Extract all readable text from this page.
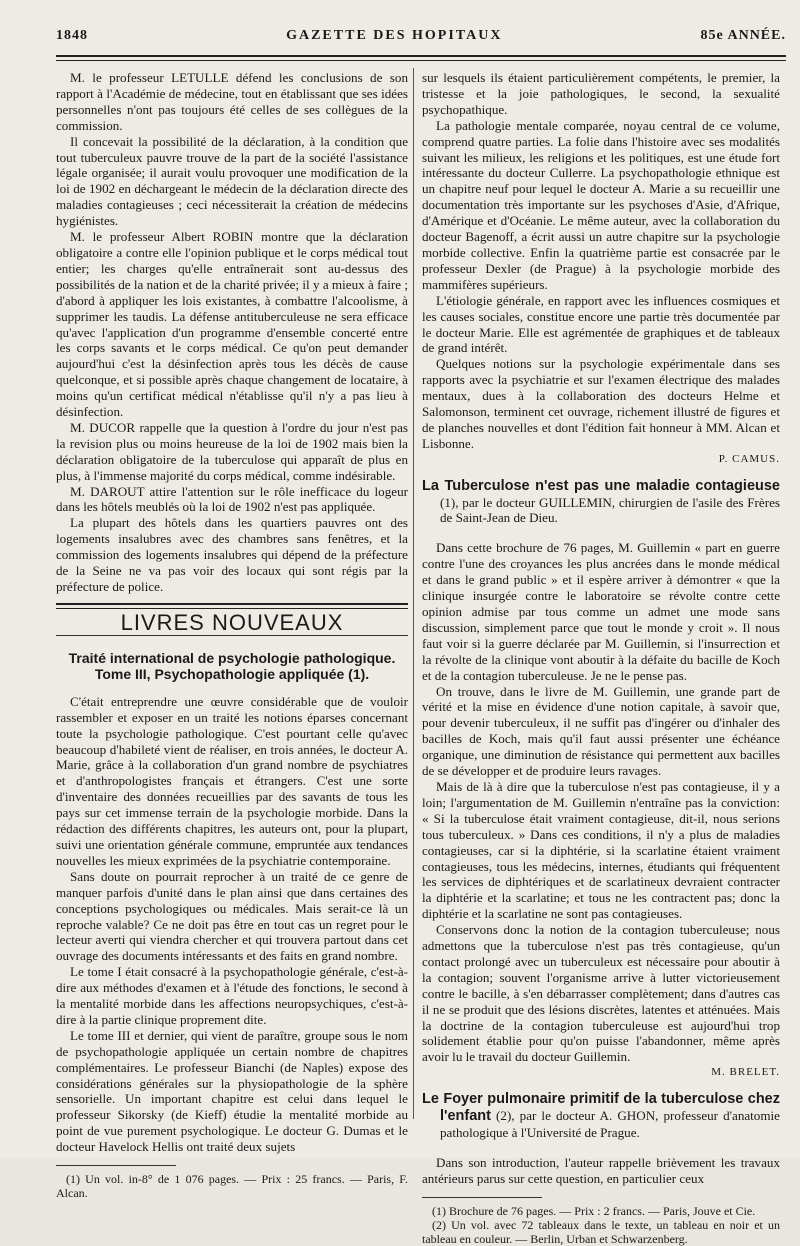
1848	GAZETTE DES HOPITAUX	85e ANNÉE.

M. le professeur LETULLE défend les conclusions de son rapport à l'Académie de médecine, tout en établissant que ses idées personnelles n'ont pas toujours été celles de ses collègues de la commission.

Il concevait la possibilité de la déclaration, à la condition que tout tuberculeux pauvre trouve de la part de la société l'assistance légale organisée; il aurait voulu provoquer une modification de la loi de 1902 en déchargeant le médecin de la déclaration directe des maladies contagieuses ; ceci nécessiterait la création de médecins hygiénistes.

M. le professeur Albert ROBIN montre que la déclaration obligatoire a contre elle l'opinion publique et le corps médical tout entier; les charges qu'elle entraînerait sont au-dessus des possibilités de la nation et de la charité privée; il y a mieux à faire ; d'abord à appliquer les lois existantes, à combattre l'alcoolisme, à supprimer les taudis. La défense antituberculeuse ne sera efficace qu'avec l'application d'un programme d'ensemble concerté entre les corps savants et le corps médical. Ce qu'on peut demander aujourd'hui c'est la désinfection après tous les décès de cause quelconque, et si possible après chaque changement de locataire, à moins qu'un certificat médical n'établisse qu'il n'y a pas lieu à désinfection.

M. DUCOR rappelle que la question à l'ordre du jour n'est pas la revision plus ou moins heureuse de la loi de 1902 mais bien la déclaration obligatoire de la tuberculose qui apparaît de plus en plus, à l'immense majorité du corps médical, comme indésirable.

M. DAROUT attire l'attention sur le rôle inefficace du logeur dans les hôtels meublés où la loi de 1902 n'est pas appliquée.

La plupart des hôtels dans les quartiers pauvres ont des logements insalubres avec des chambres sans fenêtres, et la commission des logements insalubres qui dépend de la préfecture de la Seine ne va pas voir des locaux qui sont régis par la préfecture de police.

LIVRES NOUVEAUX
Traité international de psychologie pathologique.
Tome III, Psychopathologie appliquée (1).

C'était entreprendre une œuvre considérable que de vouloir rassembler et exposer en un traité les notions éparses concernant toute la psychologie pathologique. C'est pourtant celle qu'avec beaucoup d'habileté vient de réaliser, en trois années, le docteur A. Marie, grâce à la collaboration d'un grand nombre de psychiatres et d'anthropologistes français et étrangers. C'est une sorte d'inventaire des données recueillies par des savants de tous les pays sur cet immense terrain de la psychologie morbide. Dans la rédaction des différents chapitres, les auteurs ont, pour la plupart, suivi une orientation générale commune, empruntée aux tendances nouvelles les mieux exprimées de la psychiatrie contemporaine.

Sans doute on pourrait reprocher à un traité de ce genre de manquer parfois d'unité dans le plan ainsi que dans certaines des conceptions psychologiques ou médicales. Mais serait-ce là un reproche valable? Ce ne doit pas être en tout cas un regret pour le lecteur averti qui viendra chercher et qui trouvera partout dans cet ouvrage des documents intéressants et des faits en grand nombre.

Le tome I était consacré à la psychopathologie générale, c'est-à-dire aux méthodes d'examen et à l'étude des fonctions, le second à la mentalité morbide dans les affections neuropsychiques, c'est-à-dire à la partie clinique proprement dite.

Le tome III et dernier, qui vient de paraître, groupe sous le nom de psychopathologie appliquée un certain nombre de chapitres complémentaires. Le professeur Bianchi (de Naples) expose des considérations générales sur la physiopathologie de la sphère sensorielle. Un important chapitre est celui dans lequel le professeur Sikorsky (de Kieff) étudie la mentalité morbide au point de vue purement psychologique. Le docteur G. Dumas et le docteur Havelock Hellis ont traité deux sujets

(1) Un vol. in-8° de 1 076 pages. — Prix : 25 francs. — Paris, F. Alcan.

sur lesquels ils étaient particulièrement compétents, le premier, la tristesse et la joie pathologiques, le second, la sexualité psychopathique.

La pathologie mentale comparée, noyau central de ce volume, comprend quatre parties. La folie dans l'histoire avec ses modalités suivant les milieux, les religions et les politiques, est une étude fort intéressante du docteur Cullerre. La psychopathologie ethnique est un chapitre neuf pour lequel le docteur A. Marie a su recueillir une documentation très importante sur les psychoses d'Asie, d'Afrique, d'Amérique et d'Océanie. Le même auteur, avec la collaboration du docteur Bagenoff, a écrit aussi un autre chapitre sur la psychologie morbide collective. Enfin la quatrième partie est consacrée par le professeur Dexler (de Prague) à la psychologie morbide des mammifères supérieurs.

L'étiologie générale, en rapport avec les influences cosmiques et les causes sociales, constitue encore une partie très documentée par le docteur Marie. Elle est agrémentée de graphiques et de tableaux de grand intérêt.

Quelques notions sur la psychologie expérimentale dans ses rapports avec la psychiatrie et sur l'examen électrique des malades mentaux, dues à la collaboration des docteurs Helme et Salomonson, terminent cet ouvrage, richement illustré de figures et de planches nouvelles et dont l'édition fait honneur à MM. Alcan et Lisbonne.

P. CAMUS.

La Tuberculose n'est pas une maladie contagieuse (1), par le docteur GUILLEMIN, chirurgien de l'asile des Frères de Saint-Jean de Dieu.

Dans cette brochure de 76 pages, M. Guillemin « part en guerre contre l'une des croyances les plus ancrées dans le monde médical et dans le grand public » et il espère arriver à démontrer « que la clinique insurgée contre le laboratoire se révolte contre cette opinion admise par tous comme un admet une mode sans discussion, simplement parce que tout le monde y croit ». Il nous faut voir si la guerre déclarée par M. Guillemin, si l'insurrection et la révolte de la clinique vont aboutir à la défaite du bacille de Koch et de la contagion tuberculeuse. Je ne le pense pas.

On trouve, dans le livre de M. Guillemin, une grande part de vérité et la mise en évidence d'une notion capitale, à savoir que, pour devenir tuberculeux, il ne suffit pas d'ingérer ou d'inhaler des bacilles de Koch, mais qu'il faut aussi présenter une échéance organique, une diminution de résistance qui permettent aux bacilles de se développer et de produire leurs ravages.

Mais de là à dire que la tuberculose n'est pas contagieuse, il y a loin; l'argumentation de M. Guillemin n'entraîne pas la conviction: « Si la tuberculose était vraiment contagieuse, dit-il, nous serions tous tuberculeux. » Dans ces conditions, il n'y a plus de maladies contagieuses, car si la diphtérie, si la scarlatine étaient vraiment contagieuses, tous les médecins, internes, étudiants qui fréquentent les services de diphtériques et de scarlatineux devraient contracter la diphtérie et la scarlatine; et tous ne les contractent pas; donc la diphtérie et la scarlatine ne sont pas contagieuses.

Conservons donc la notion de la contagion tuberculeuse; nous admettons que la tuberculose n'est pas très contagieuse, qu'un contact prolongé avec un tuberculeux est nécessaire pour aboutir à la contagion; souvent l'organisme arrive à lutter victorieusement contre le bacille, à s'en débarrasser complètement; dans d'autres cas il ne se produit que des lésions discrètes, latentes et atténuées. Mais la doctrine de la contagion tuberculeuse est aujourd'hui trop solidement établie pour qu'on puisse l'abandonner, même après avoir lu le travail du docteur Guillemin.

M. BRELET.

Le Foyer pulmonaire primitif de la tuberculose chez l'enfant (2), par le docteur A. GHON, professeur d'anatomie pathologique à l'Université de Prague.

Dans son introduction, l'auteur rappelle brièvement les travaux antérieurs parus sur cette question, en particulier ceux

(1) Brochure de 76 pages. — Prix : 2 francs. — Paris, Jouve et Cie.

(2) Un vol. avec 72 tableaux dans le texte, un tableau en noir et un tableau en couleur. — Berlin, Urban et Schwarzenberg.
